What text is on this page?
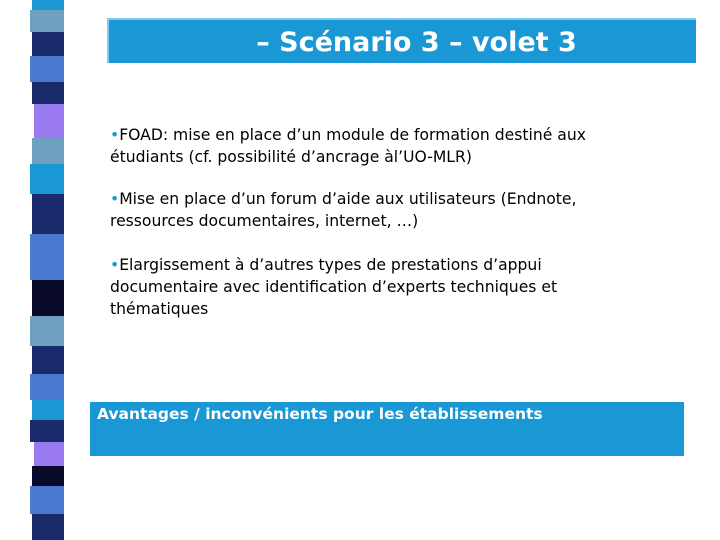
– Scénario 3 – volet 3
•FOAD: mise en place d’un module de formation destiné aux
étudiants (cf. possibilité d’ancrage àl’UO-MLR)
•Mise en place d’un forum d’aide aux utilisateurs (Endnote,
ressources documentaires, internet, …)
•Elargissement à d’autres types de prestations d’appui
documentaire avec identification d’experts techniques et
thématiques
Avantages / inconvénients pour les établissements
